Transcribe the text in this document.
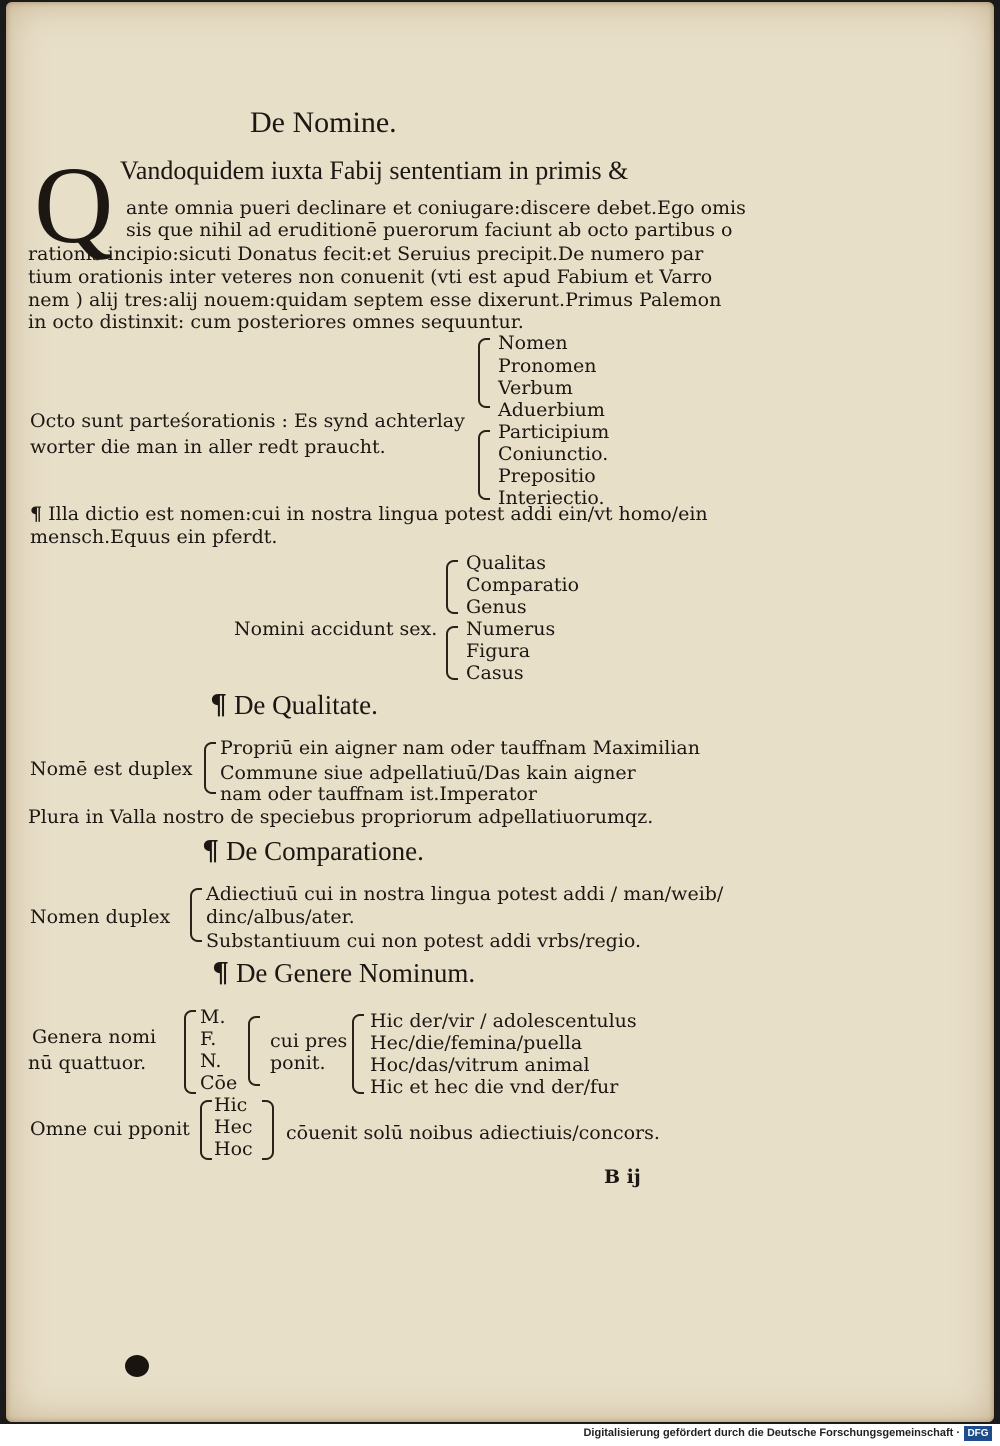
De Nomine.
Q Vandoquidem iuxta Fabij sententiam in primis &
ante omnia pueri declinare et coniugare:discere debet.Ego omis
sis que nihil ad eruditionē puerorum faciunt ab octo partibus o
rationis incipio:sicuti Donatus fecit:et Seruius precipit.De numero par
tium orationis inter veteres non conuenit (vti est apud Fabium et Varro
nem ) alij tres:alij nouem:quidam septem esse dixerunt.Primus Palemon
in octo distinxit: cum posteriores omnes sequuntur.
Nomen
Pronomen
Verbum
Aduerbium
Participium
Coniunctio.
Prepositio
Interiectio.
Octo sunt parteśorationis : Es synd achterlay
worter die man in aller redt praucht.
¶ Illa dictio est nomen:cui in nostra lingua potest addi ein/vt homo/ein
mensch.Equus ein pferdt.
Qualitas
Comparatio
Genus
Numerus
Figura
Casus
Nomini accidunt sex.
¶ De Qualitate.
Propriū ein aigner nam oder tauffnam Maximilian
Commune siue adpellatiuū/Das kain aigner
nam oder tauffnam ist.Imperator
Nomē est duplex
Plura in Valla nostro de speciebus propriorum adpellatiuorumqz.
¶ De Comparatione.
Adiectiuū cui in nostra lingua potest addi / man/weib/
dinc/albus/ater.
Substantiuum cui non potest addi vrbs/regio.
Nomen duplex
¶ De Genere Nominum.
Genera nomi
nū quattuor.
M.
F.
N.
Cōe
cui pres
ponit.
Hic der/vir / adolescentulus
Hec/die/femina/puella
Hoc/das/vitrum animal
Hic et hec die vnd der/fur
Omne cui pponit
Hic
Hec
Hoc
cōuenit solū noibus adiectiuis/concors.
B ij
Digitalisierung gefördert durch die Deutsche Forschungsgemeinschaft · DFG
